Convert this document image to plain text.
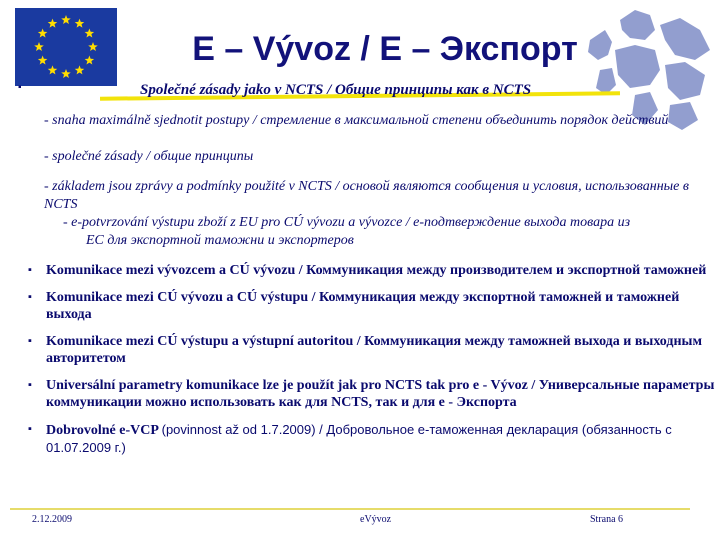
▪
E – Vývoz / E – Экспорт
Společné zásady jako v NCTS / Общие принципы как в NCTS
- snaha maximálně sjednotit postupy / стремление в максимальной степени объединить порядок действий
- společné zásady / общие принципы
- základem jsou zprávy a podmínky použité v NCTS / основой являются сообщения и условия, использованные в NCTS
- e-potvrzování výstupu zboží z EU pro CÚ vývozu a vývozce / e-подтверждение выхода товара из
EC для экспортной таможни и экспортеров
▪ Komunikace mezi vývozcem a CÚ vývozu / Коммуникация между производителем и экспортной таможней
▪ Komunikace mezi CÚ vývozu a CÚ výstupu / Коммуникация между экспортной таможней и таможней выхода
▪ Komunikace mezi CÚ výstupu a výstupní autoritou / Коммуникация между таможней выхода и выходным авторитетом
▪ Universální parametry komunikace lze je použít jak pro NCTS tak pro e - Vývoz / Универсальные параметры коммуникации можно использовать как для NCTS, так и для е - Экспорта
▪ Dobrovolné e-VCP (povinnost až od 1.7.2009) / Добровольное е-таможенная декларация (обязанность с 01.07.2009 г.)
2.12.2009	eVývoz	Strana 6
